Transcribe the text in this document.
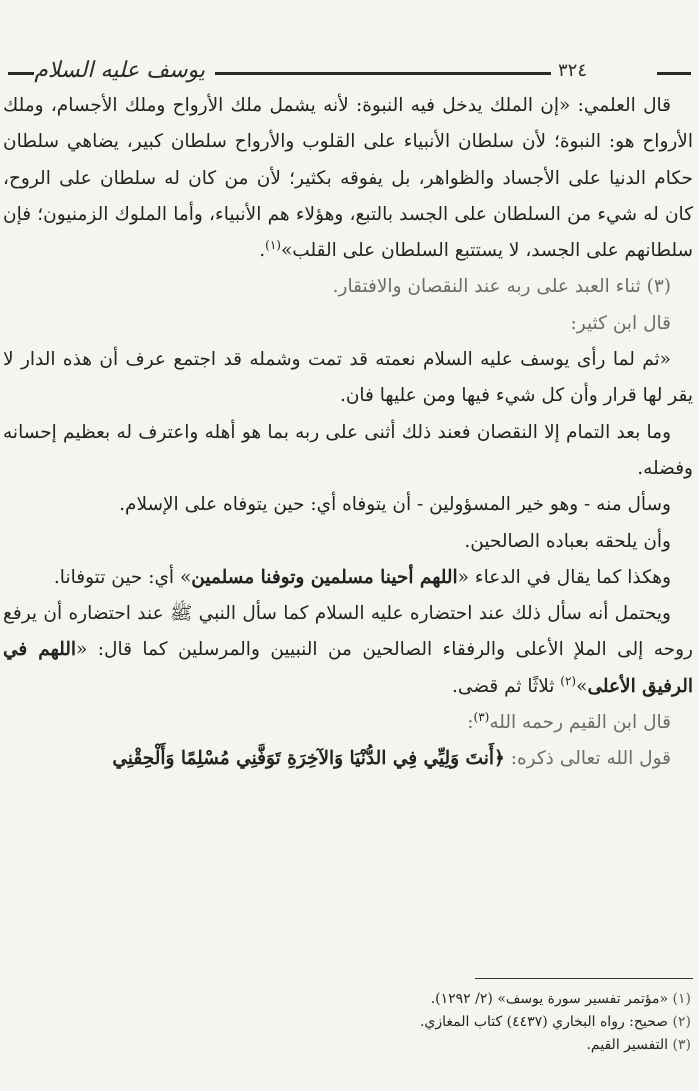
٣٢٤
يوسف عليه السلام

قال العلمي: «إن الملك يدخل فيه النبوة: لأنه يشمل ملك الأرواح وملك الأجسام، وملك الأرواح هو: النبوة؛ لأن سلطان الأنبياء على القلوب والأرواح سلطان كبير، يضاهي سلطان حكام الدنيا على الأجساد والظواهر، بل يفوقه بكثير؛ لأن من كان له سلطان على الروح، كان له شيء من السلطان على الجسد بالتبع، وهؤلاء هم الأنبياء، وأما الملوك الزمنيون؛ فإن سلطانهم على الجسد، لا يستتبع السلطان على القلب»$^{(١)}$.

(٣) ثناء العبد على ربه عند النقصان والافتقار.

قال ابن كثير:

«ثم لما رأى يوسف عليه السلام نعمته قد تمت وشمله قد اجتمع عرف أن هذه الدار لا يقر لها قرار وأن كل شيء فيها ومن عليها فان.

وما بعد التمام إلا النقصان فعند ذلك أثنى على ربه بما هو أهله واعترف له بعظيم إحسانه وفضله.

وسأل منه - وهو خير المسؤولين - أن يتوفاه أي: حين يتوفاه على الإسلام.

وأن يلحقه بعباده الصالحين.

وهكذا كما يقال في الدعاء «اللهم أحينا مسلمين وتوفنا مسلمين» أي: حين تتوفانا.

ويحتمل أنه سأل ذلك عند احتضاره عليه السلام كما سأل النبي ﷺ عند احتضاره أن يرفع روحه إلى الملإ الأعلى والرفقاء الصالحين من النبيين والمرسلين كما قال: «اللهم في الرفيق الأعلى»$^{(٢)}$ ثلاثًا ثم قضى.

قال ابن القيم رحمه الله$^{(٣)}$:

قول الله تعالى ذكره: ﴿أَنتَ وَلِيِّي فِي الدُّنْيَا وَالآخِرَةِ تَوَفَّنِي مُسْلِمًا وَأَلْحِقْنِي

(١) «مؤتمر تفسير سورة يوسف» (٢/ ١٢٩٢).
(٢) صحيح: رواه البخاري (٤٤٣٧) كتاب المغازي.
(٣) التفسير القيم.
